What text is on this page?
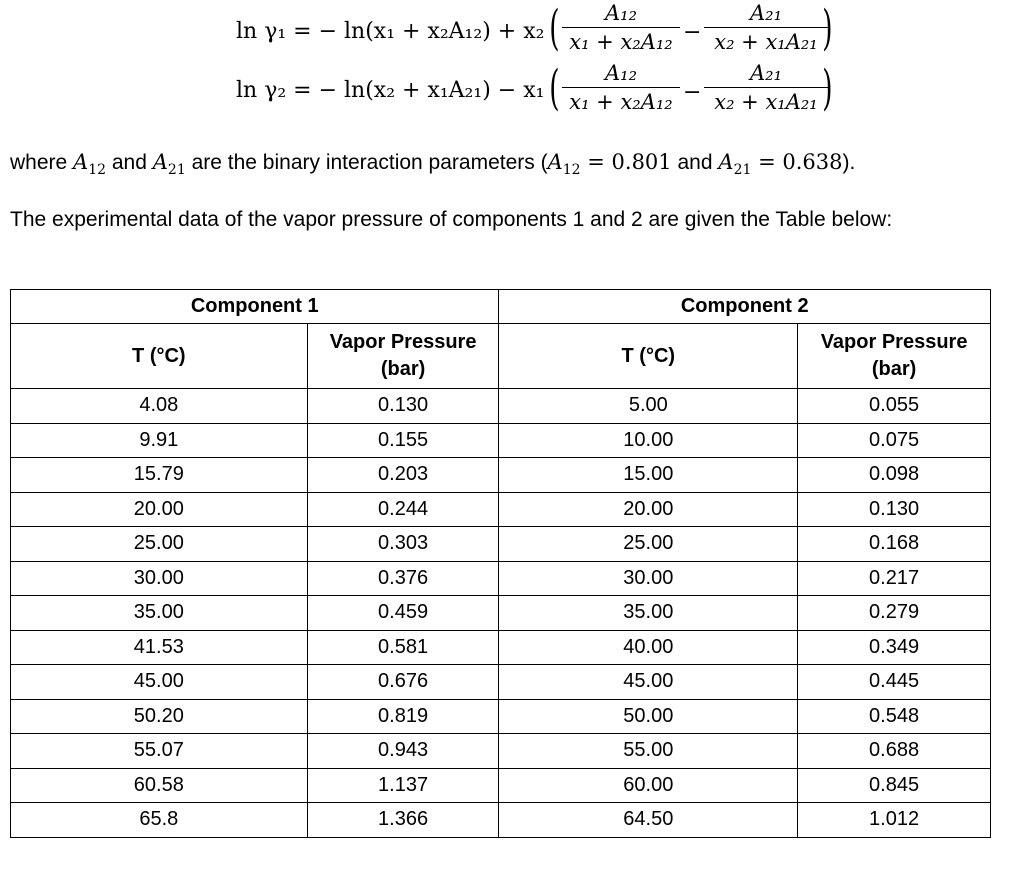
ln γ₁ = − ln(x₁ + x₂A₁₂) + x₂ (	A₁₂
x₁ + x₂A₁₂ −
A₂₁
x₂ + x₁A₂₁ )
ln γ₂ = − ln(x₂ + x₁A₂₁) − x₁ (	A₁₂
x₁ + x₂A₁₂ −
A₂₁
x₂ + x₁A₂₁ )
where $A_{12}$ and $A_{21}$ are the binary interaction parameters ($A_{12} = 0.801$ and $A_{21} = 0.638$).
The experimental data of the vapor pressure of components 1 and 2 are given the Table below:
Component 1		Component 2	
T (°C)	Vapor Pressure (bar)	T (°C)	Vapor Pressure (bar)
4.08	0.130	5.00	0.055
9.91	0.155	10.00	0.075
15.79	0.203	15.00	0.098
20.00	0.244	20.00	0.130
25.00	0.303	25.00	0.168
30.00	0.376	30.00	0.217
35.00	0.459	35.00	0.279
41.53	0.581	40.00	0.349
45.00	0.676	45.00	0.445
50.20	0.819	50.00	0.548
55.07	0.943	55.00	0.688
60.58	1.137	60.00	0.845
65.8	1.366	64.50	1.012
